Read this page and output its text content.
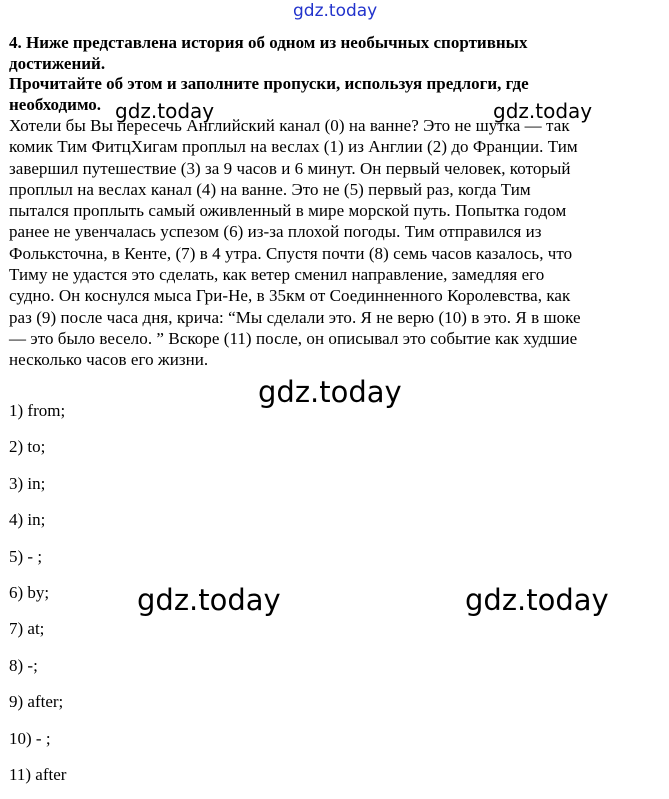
gdz.today

4. Ниже представлена история об одном из необычных спортивных
достижений.
Прочитайте об этом и заполните пропуски, используя предлоги, где
необходимо.

Хотели бы Вы пересечь Английский канал (0) на ванне? Это не шутка — так
комик Тим ФитцХигам проплыл на веслах (1) из Англии (2) до Франции. Тим
завершил путешествие (3) за 9 часов и 6 минут. Он первый человек, который
проплыл на веслах канал (4) на ванне. Это не (5) первый раз, когда Тим
пытался проплыть самый оживленный в мире морской путь. Попытка годом
ранее не увенчалась успезом (6) из-за плохой погоды. Тим отправился из
Фольксточна, в Кенте, (7) в 4 утра. Спустя почти (8) семь часов казалось, что
Тиму не удастся это сделать, как ветер сменил направление, замедляя его
судно. Он коснулся мыса Гри-Не, в 35км от Соединненного Королевства, как
раз (9) после часа дня, крича: “Мы сделали это. Я не верю (10) в это. Я в шоке
— это было весело. ” Вскоре (11) после, он описывал это событие как худшие
несколько часов его жизни.

1) from;
2) to;
3) in;
4) in;
5) - ;
6) by;
7) at;
8) -;
9) after;
10) - ;
11) after
gdz.today	gdz.today
gdz.today
gdz.today	gdz.today
